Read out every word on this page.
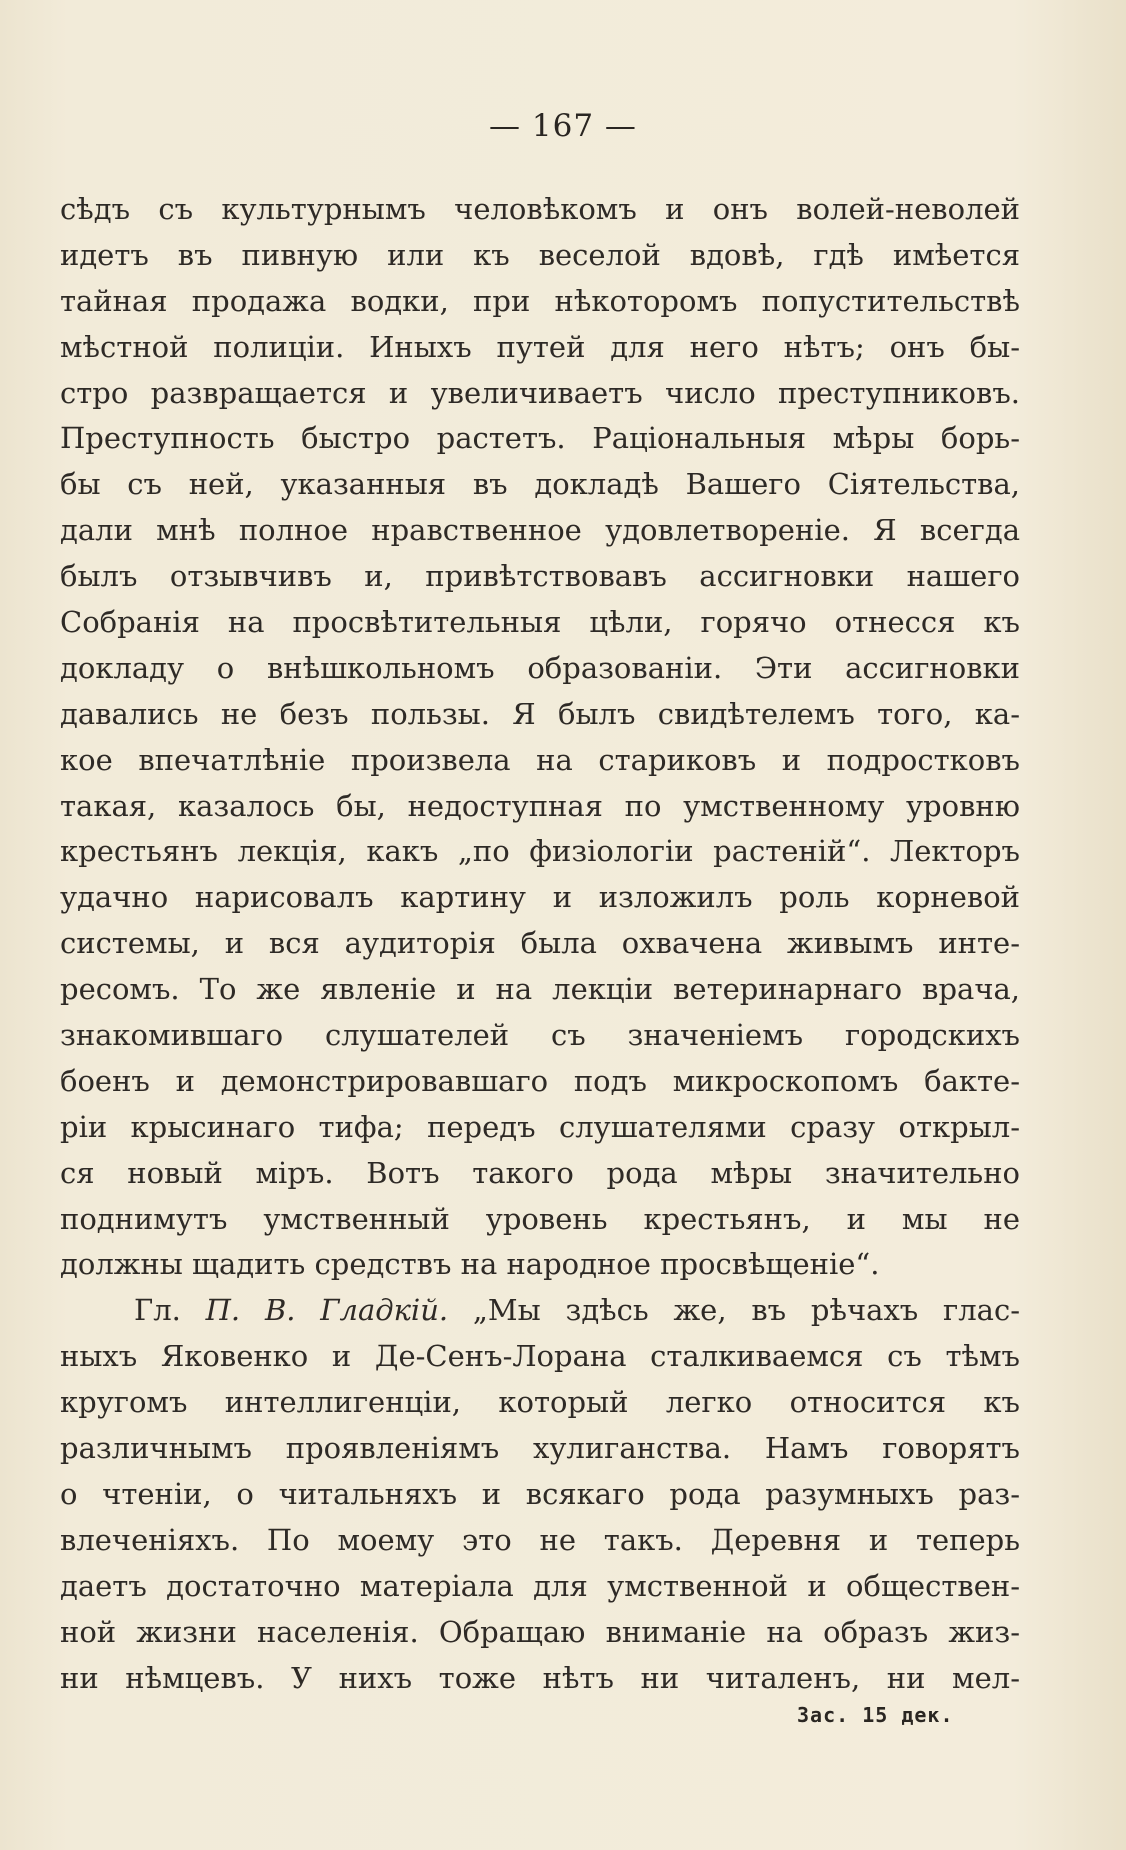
— 167 —
сѣдъ съ культурнымъ человѣкомъ и онъ волей-неволей
идетъ въ пивную или къ веселой вдовѣ, гдѣ имѣется
тайная продажа водки, при нѣкоторомъ попустительствѣ
мѣстной полиціи. Иныхъ путей для него нѣтъ; онъ бы-
стро развращается и увеличиваетъ число преступниковъ.
Преступность быстро растетъ. Раціональныя мѣры борь-
бы съ ней, указанныя въ докладѣ Вашего Сіятельства,
дали мнѣ полное нравственное удовлетвореніе. Я всегда
былъ отзывчивъ и, привѣтствовавъ ассигновки нашего
Собранія на просвѣтительныя цѣли, горячо отнесся къ
докладу о внѣшкольномъ образованіи. Эти ассигновки
давались не безъ пользы. Я былъ свидѣтелемъ того, ка-
кое впечатлѣніе произвела на стариковъ и подростковъ
такая, казалось бы, недоступная по умственному уровню
крестьянъ лекція, какъ „по физіологіи растеній“. Лекторъ
удачно нарисовалъ картину и изложилъ роль корневой
системы, и вся аудиторія была охвачена живымъ инте-
ресомъ. То же явленіе и на лекціи ветеринарнаго врача,
знакомившаго слушателей съ значеніемъ городскихъ
боенъ и демонстрировавшаго подъ микроскопомъ бакте-
ріи крысинаго тифа; передъ слушателями сразу открыл-
ся новый міръ. Вотъ такого рода мѣры значительно
поднимутъ умственный уровень крестьянъ, и мы не
должны щадить средствъ на народное просвѣщеніе“.
Гл. П. В. Гладкій. „Мы здѣсь же, въ рѣчахъ глас-
ныхъ Яковенко и Де-Сенъ-Лорана сталкиваемся съ тѣмъ
кругомъ интеллигенціи, который легко относится къ
различнымъ проявленіямъ хулиганства. Намъ говорятъ
о чтеніи, о читальняхъ и всякаго рода разумныхъ раз-
влеченіяхъ. По моему это не такъ. Деревня и теперь
даетъ достаточно матеріала для умственной и обществен-
ной жизни населенія. Обращаю вниманіе на образъ жиз-
ни нѣмцевъ. У нихъ тоже нѣтъ ни читаленъ, ни мел-
Зас. 15 дек.
